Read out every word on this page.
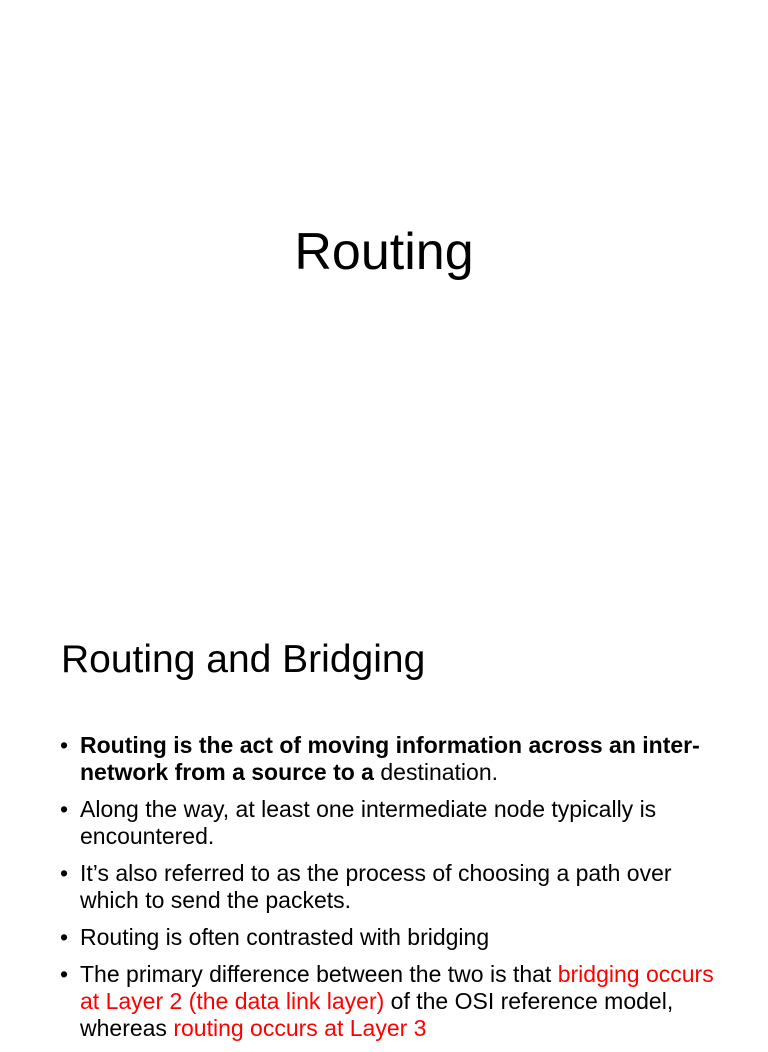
Routing
Routing and Bridging
• Routing is the act of moving information across an inter-network from a source to a destination.
• Along the way, at least one intermediate node typically is encountered.
• It’s also referred to as the process of choosing a path over which to send the packets.
• Routing is often contrasted with bridging
• The primary difference between the two is that bridging occurs at Layer 2 (the data link layer) of the OSI reference model, whereas routing occurs at Layer 3
